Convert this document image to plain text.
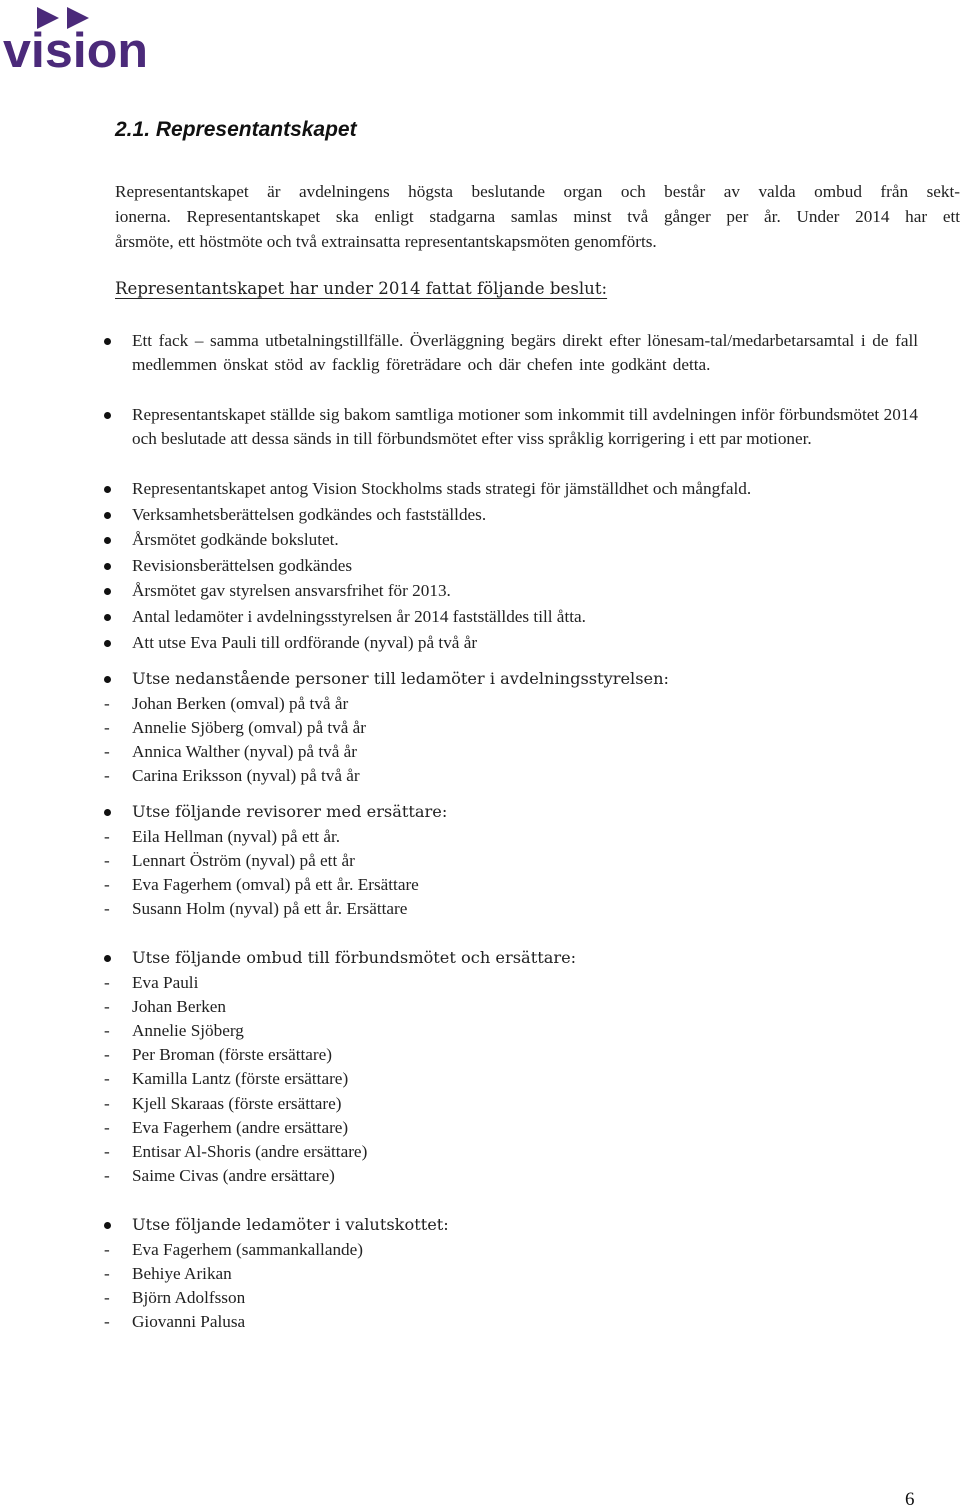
vision
2.1. Representantskapet

Representantskapet är avdelningens högsta beslutande organ och består av valda ombud från sekt-

ionerna. Representantskapet ska enligt stadgarna samlas minst två gånger per år. Under 2014 har ett

årsmöte, ett höstmöte och två extrainsatta representantskapsmöten genomförts.

Representantskapet har under 2014 fattat följande beslut:
Ett fack – samma utbetalningstillfälle. Överläggning begärs direkt efter lönesam-tal/medarbetarsamtal i de fall medlemmen önskat stöd av facklig företrädare och där chefen inte godkänt detta.
Representantskapet ställde sig bakom samtliga motioner som inkommit till avdelningen inför förbundsmötet 2014 och beslutade att dessa sänds in till förbundsmötet efter viss språklig korrigering i ett par motioner.
Representantskapet antog Vision Stockholms stads strategi för jämställdhet och mångfald.
Verksamhetsberättelsen godkändes och fastställdes.
Årsmötet godkände bokslutet.
Revisionsberättelsen godkändes
Årsmötet gav styrelsen ansvarsfrihet för 2013.
Antal ledamöter i avdelningsstyrelsen år 2014 fastställdes till åtta.
Att utse Eva Pauli till ordförande (nyval) på två år
Utse nedanstående personer till ledamöter i avdelningsstyrelsen:
- Johan Berken (omval) på två år
- Annelie Sjöberg (omval) på två år
- Annica Walther (nyval) på två år
- Carina Eriksson (nyval) på två år
Utse följande revisorer med ersättare:
- Eila Hellman (nyval) på ett år.
- Lennart Öström (nyval) på ett år
- Eva Fagerhem (omval) på ett år. Ersättare
- Susann Holm (nyval) på ett år. Ersättare
Utse följande ombud till förbundsmötet och ersättare:
- Eva Pauli
- Johan Berken
- Annelie Sjöberg
- Per Broman (förste ersättare)
- Kamilla Lantz (förste ersättare)
- Kjell Skaraas (förste ersättare)
- Eva Fagerhem (andre ersättare)
- Entisar Al-Shoris (andre ersättare)
- Saime Civas (andre ersättare)
Utse följande ledamöter i valutskottet:
- Eva Fagerhem (sammankallande)
- Behiye Arikan
- Björn Adolfsson
- Giovanni Palusa
6
